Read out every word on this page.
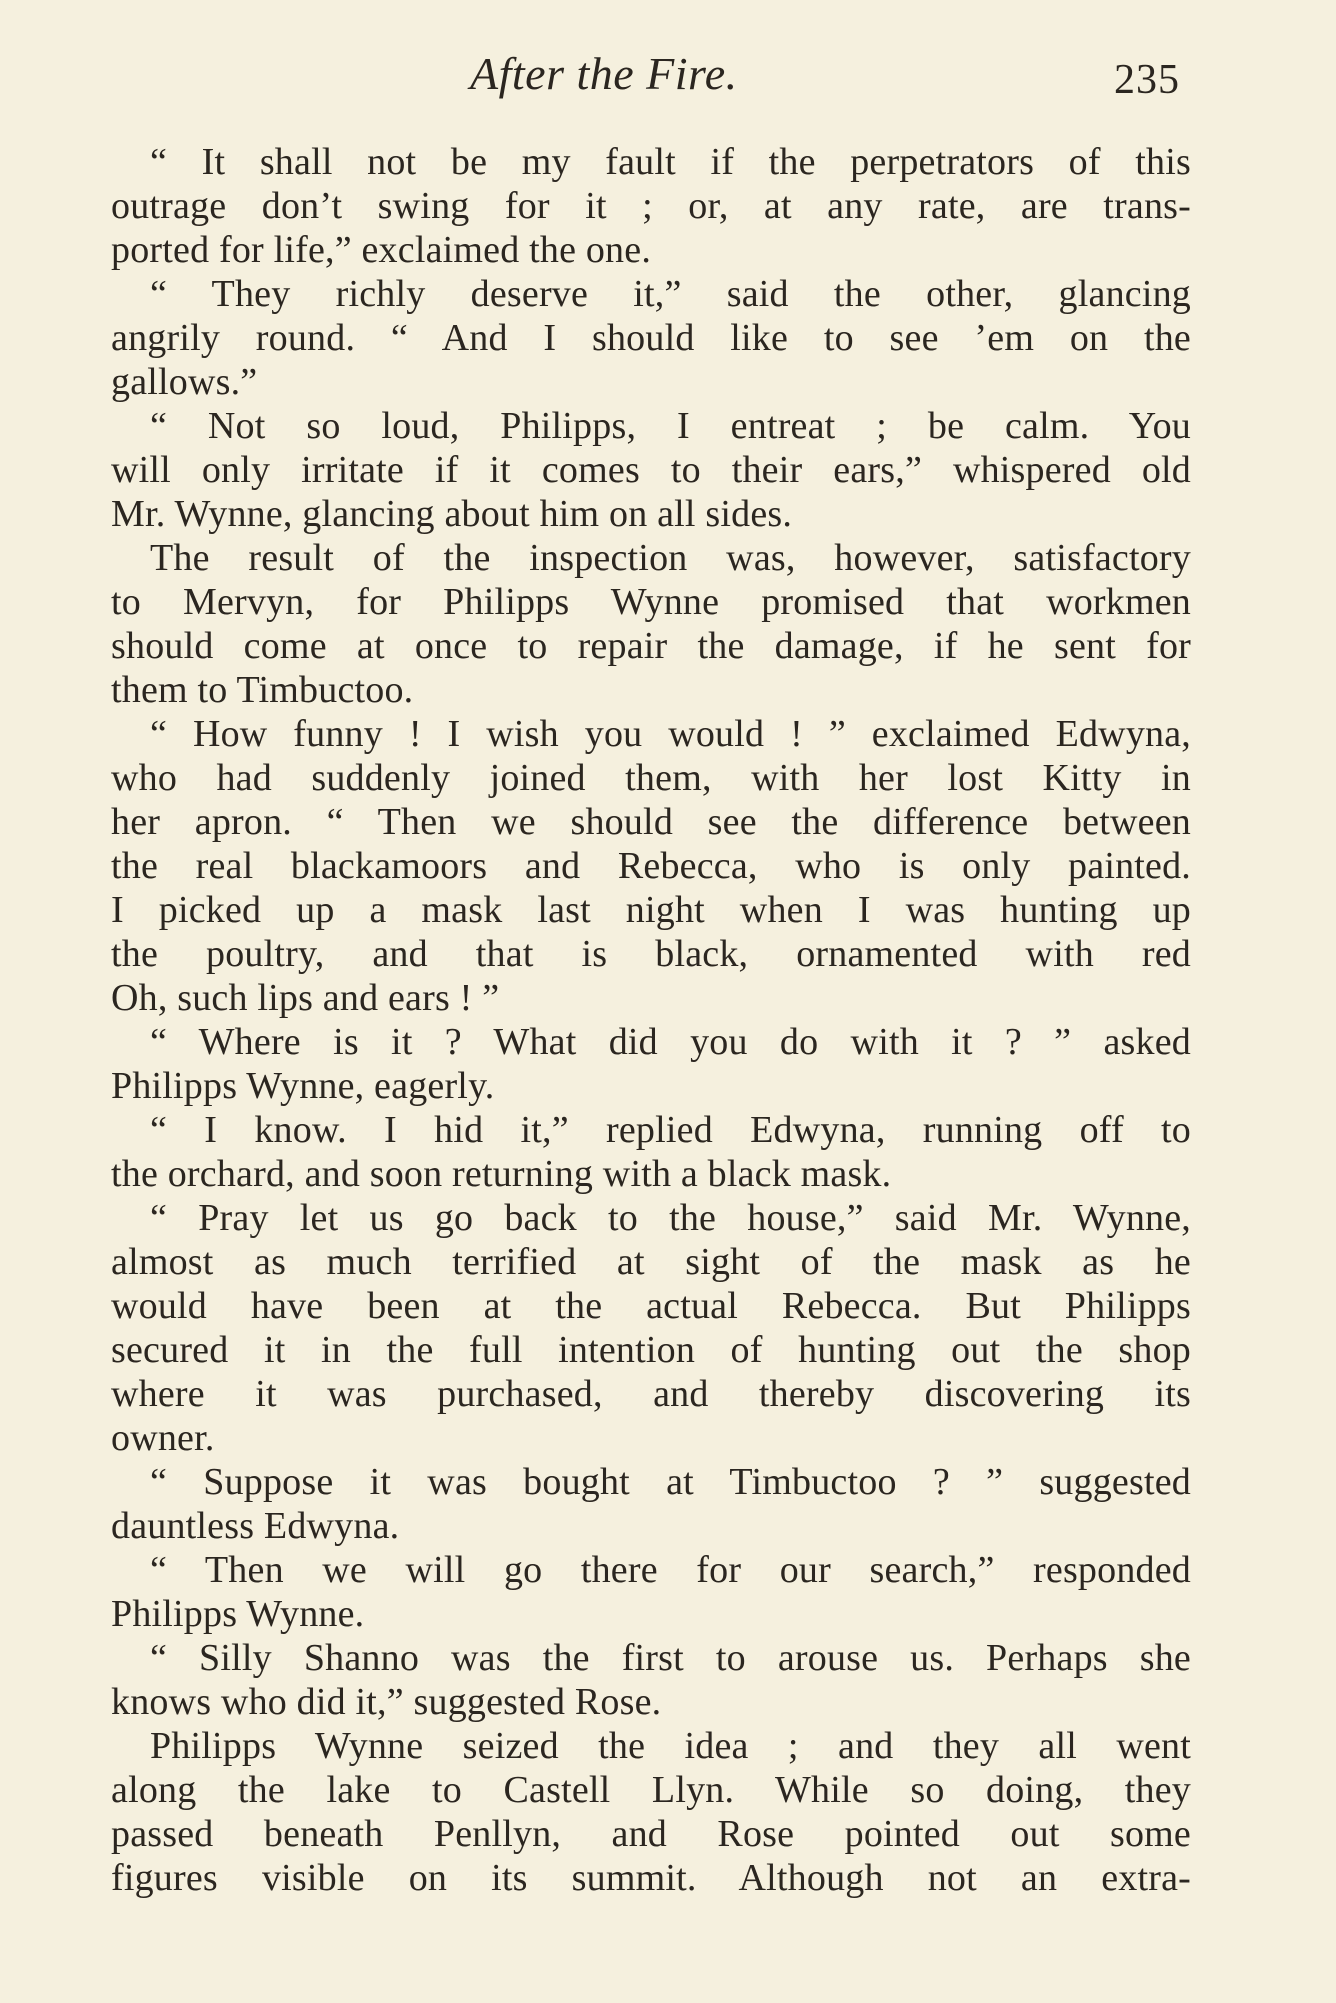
After the Fire.	235
“ It shall not be my fault if the perpetrators of this
outrage don’t swing for it ; or, at any rate, are trans-
ported for life,” exclaimed the one.
“ They richly deserve it,” said the other, glancing
angrily round. “ And I should like to see ’em on the
gallows.”
“ Not so loud, Philipps, I entreat ; be calm. You
will only irritate if it comes to their ears,” whispered old
Mr. Wynne, glancing about him on all sides.
The result of the inspection was, however, satisfactory
to Mervyn, for Philipps Wynne promised that workmen
should come at once to repair the damage, if he sent for
them to Timbuctoo.
“ How funny ! I wish you would ! ” exclaimed Edwyna,
who had suddenly joined them, with her lost Kitty in
her apron. “ Then we should see the difference between
the real blackamoors and Rebecca, who is only painted.
I picked up a mask last night when I was hunting up
the poultry, and that is black, ornamented with red
Oh, such lips and ears ! ”
“ Where is it ? What did you do with it ? ” asked
Philipps Wynne, eagerly.
“ I know. I hid it,” replied Edwyna, running off to
the orchard, and soon returning with a black mask.
“ Pray let us go back to the house,” said Mr. Wynne,
almost as much terrified at sight of the mask as he
would have been at the actual Rebecca. But Philipps
secured it in the full intention of hunting out the shop
where it was purchased, and thereby discovering its
owner.
“ Suppose it was bought at Timbuctoo ? ” suggested
dauntless Edwyna.
“ Then we will go there for our search,” responded
Philipps Wynne.
“ Silly Shanno was the first to arouse us. Perhaps she
knows who did it,” suggested Rose.
Philipps Wynne seized the idea ; and they all went
along the lake to Castell Llyn. While so doing, they
passed beneath Penllyn, and Rose pointed out some
figures visible on its summit. Although not an extra-
